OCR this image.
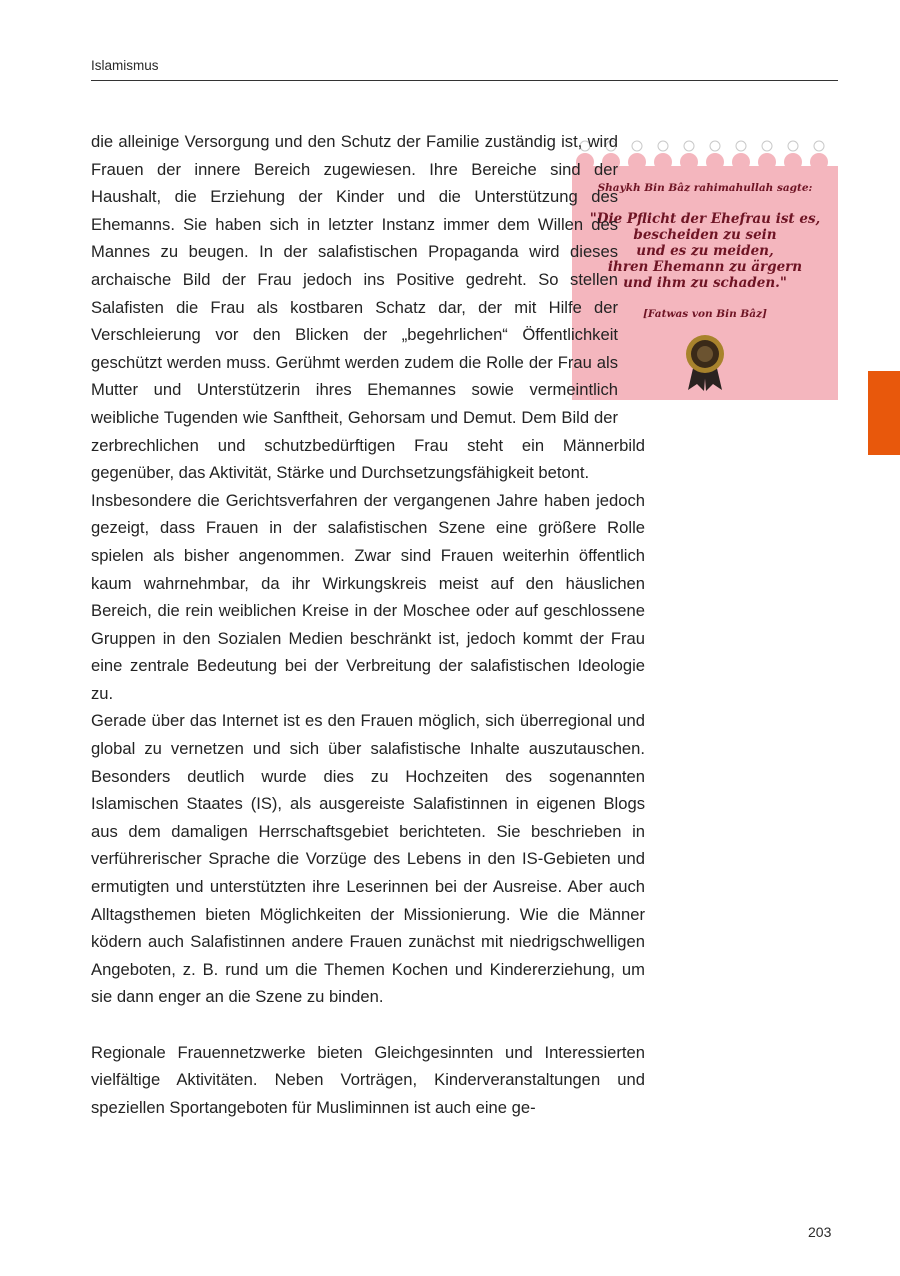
Islamismus
Shaykh Bin Bâz rahimahullah sagte:
"Die Pflicht der Ehefrau ist es,
bescheiden zu sein
und es zu meiden,
ihren Ehemann zu ärgern
und ihm zu schaden."
[Fatwas von Bin Bâz]

die alleinige Versorgung und den Schutz der Familie zuständig ist, wird Frauen der innere Bereich zugewiesen. Ihre Bereiche sind der Haushalt, die Erziehung der Kinder und die Unterstützung des Ehemanns. Sie haben sich in letzter Instanz immer dem Willen des Mannes zu beugen. In der salafistischen Propaganda wird dieses archaische Bild der Frau jedoch ins Positive gedreht. So stellen Salafisten die Frau als kostbaren Schatz dar, der mit Hilfe der Verschleierung vor den Blicken der „begehrlichen“ Öffentlichkeit geschützt werden muss. Gerühmt werden zudem die Rolle der Frau als Mutter und Unterstützerin ihres Ehemannes sowie vermeintlich weibliche Tugenden wie Sanftheit, Gehorsam und Demut. Dem Bild der zerbrechlichen und schutzbedürftigen Frau steht ein Männerbild gegenüber, das Aktivität, Stärke und Durchsetzungsfähigkeit betont.

Insbesondere die Gerichtsverfahren der vergangenen Jahre haben jedoch gezeigt, dass Frauen in der salafistischen Szene eine größere Rolle spielen als bisher angenommen. Zwar sind Frauen weiterhin öffentlich kaum wahrnehmbar, da ihr Wirkungskreis meist auf den häuslichen Bereich, die rein weiblichen Kreise in der Moschee oder auf geschlossene Gruppen in den Sozialen Medien beschränkt ist, jedoch kommt der Frau eine zentrale Bedeutung bei der Verbreitung der salafistischen Ideologie zu.

Gerade über das Internet ist es den Frauen möglich, sich überregional und global zu vernetzen und sich über salafistische Inhalte auszutauschen. Besonders deutlich wurde dies zu Hochzeiten des sogenannten Islamischen Staates (IS), als ausgereiste Salafistinnen in eigenen Blogs aus dem damaligen Herrschaftsgebiet berichteten. Sie beschrieben in verführerischer Sprache die Vorzüge des Lebens in den IS-Gebieten und ermutigten und unterstützten ihre Leserinnen bei der Ausreise. Aber auch Alltagsthemen bieten Möglichkeiten der Missionierung. Wie die Männer ködern auch Salafistinnen andere Frauen zunächst mit niedrigschwelligen Angeboten, z. B. rund um die Themen Kochen und Kindererziehung, um sie dann enger an die Szene zu binden.

Regionale Frauennetzwerke bieten Gleichgesinnten und Interessierten vielfältige Aktivitäten. Neben Vorträgen, Kinderveranstaltungen und speziellen Sportangeboten für Musliminnen ist auch eine ge-

203
